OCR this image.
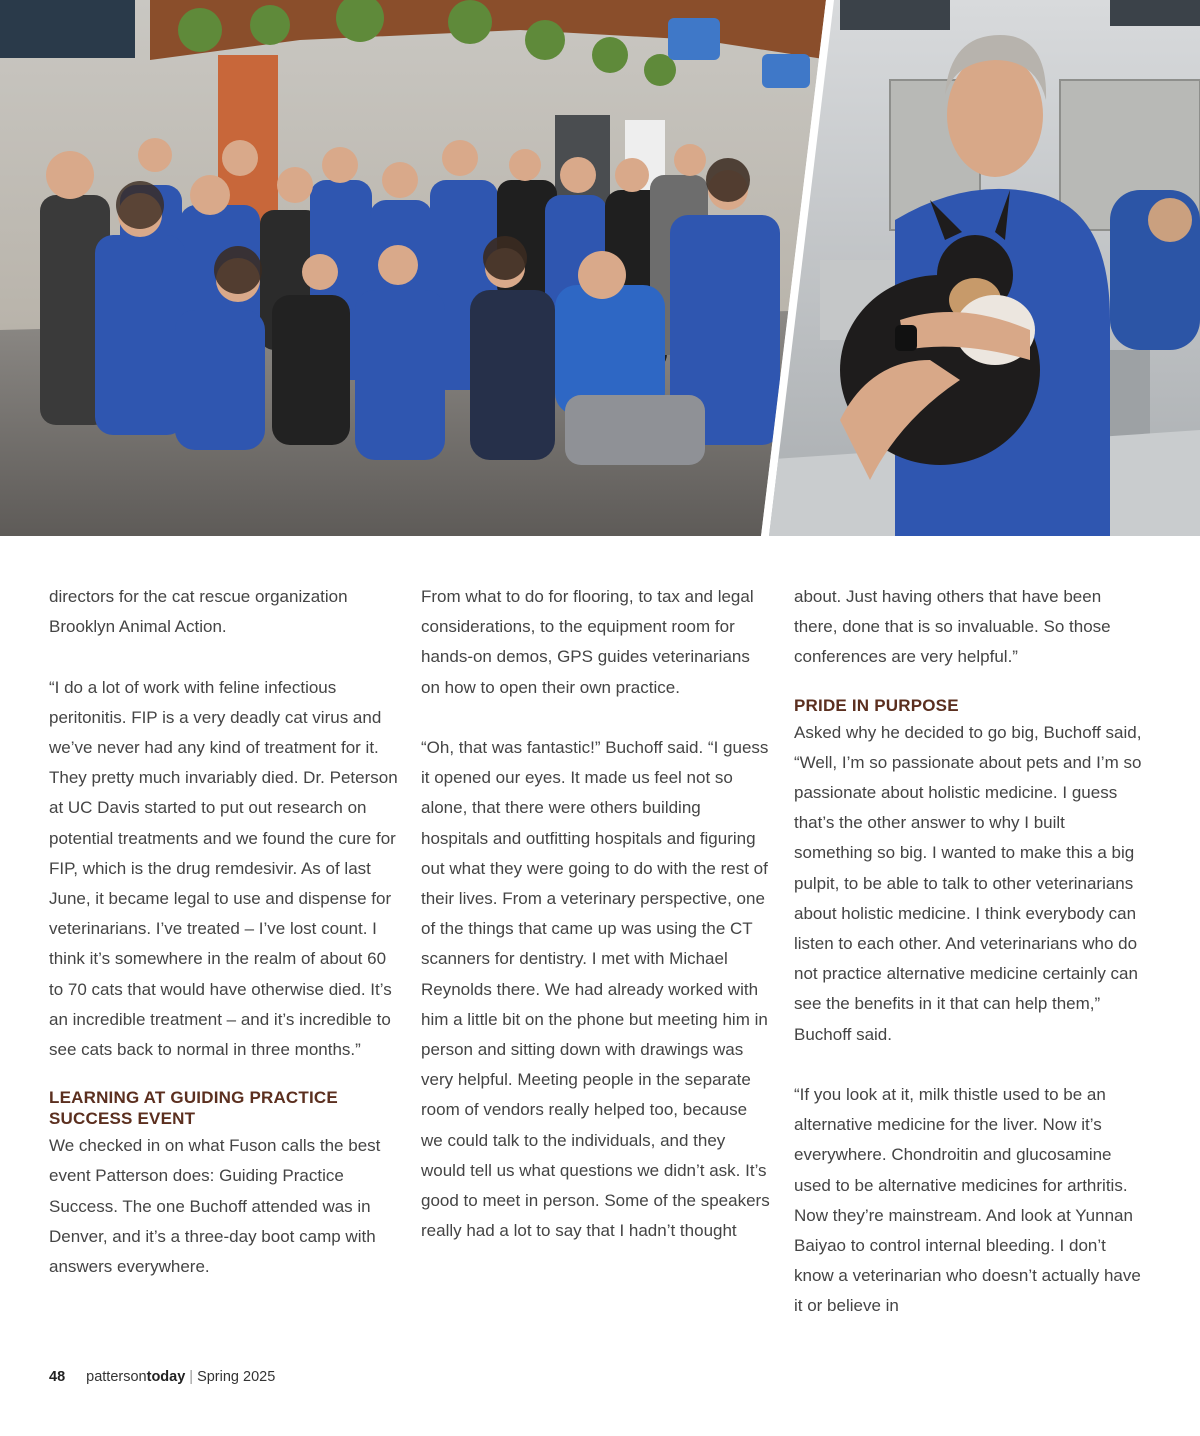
directors for the cat rescue organization Brooklyn Animal Action.

“I do a lot of work with feline infectious peritonitis. FIP is a very deadly cat virus and we’ve never had any kind of treatment for it. They pretty much invariably died. Dr. Peterson at UC Davis started to put out research on potential treatments and we found the cure for FIP, which is the drug remdesivir. As of last June, it became legal to use and dispense for veterinarians. I’ve treated – I’ve lost count. I think it’s somewhere in the realm of about 60 to 70 cats that would have otherwise died. It’s an incredible treatment – and it’s incredible to see cats back to normal in three months.”

LEARNING AT GUIDING PRACTICE SUCCESS EVENT

We checked in on what Fuson calls the best event Patterson does: Guiding Practice Success. The one Buchoff attended was in Denver, and it’s a three-day boot camp with answers everywhere.

From what to do for flooring, to tax and legal considerations, to the equipment room for hands-on demos, GPS guides veterinarians on how to open their own practice.

“Oh, that was fantastic!” Buchoff said. “I guess it opened our eyes. It made us feel not so alone, that there were others building hospitals and outfitting hospitals and figuring out what they were going to do with the rest of their lives. From a veterinary perspective, one of the things that came up was using the CT scanners for dentistry. I met with Michael Reynolds there. We had already worked with him a little bit on the phone but meeting him in person and sitting down with drawings was very helpful. Meeting people in the separate room of vendors really helped too, because we could talk to the individuals, and they would tell us what questions we didn’t ask. It’s good to meet in person. Some of the speakers really had a lot to say that I hadn’t thought

about. Just having others that have been there, done that is so invaluable. So those conferences are very helpful.”

PRIDE IN PURPOSE

Asked why he decided to go big, Buchoff said, “Well, I’m so passionate about pets and I’m so passionate about holistic medicine. I guess that’s the other answer to why I built something so big. I wanted to make this a big pulpit, to be able to talk to other veterinarians about holistic medicine. I think everybody can listen to each other. And veterinarians who do not practice alternative medicine certainly can see the benefits in it that can help them,” Buchoff said.

“If you look at it, milk thistle used to be an alternative medicine for the liver. Now it’s everywhere. Chondroitin and glucosamine used to be alternative medicines for arthritis. Now they’re mainstream. And look at Yunnan Baiyao to control internal bleeding. I don’t know a veterinarian who doesn’t actually have it or believe in

48 patterson today | Spring 2025
